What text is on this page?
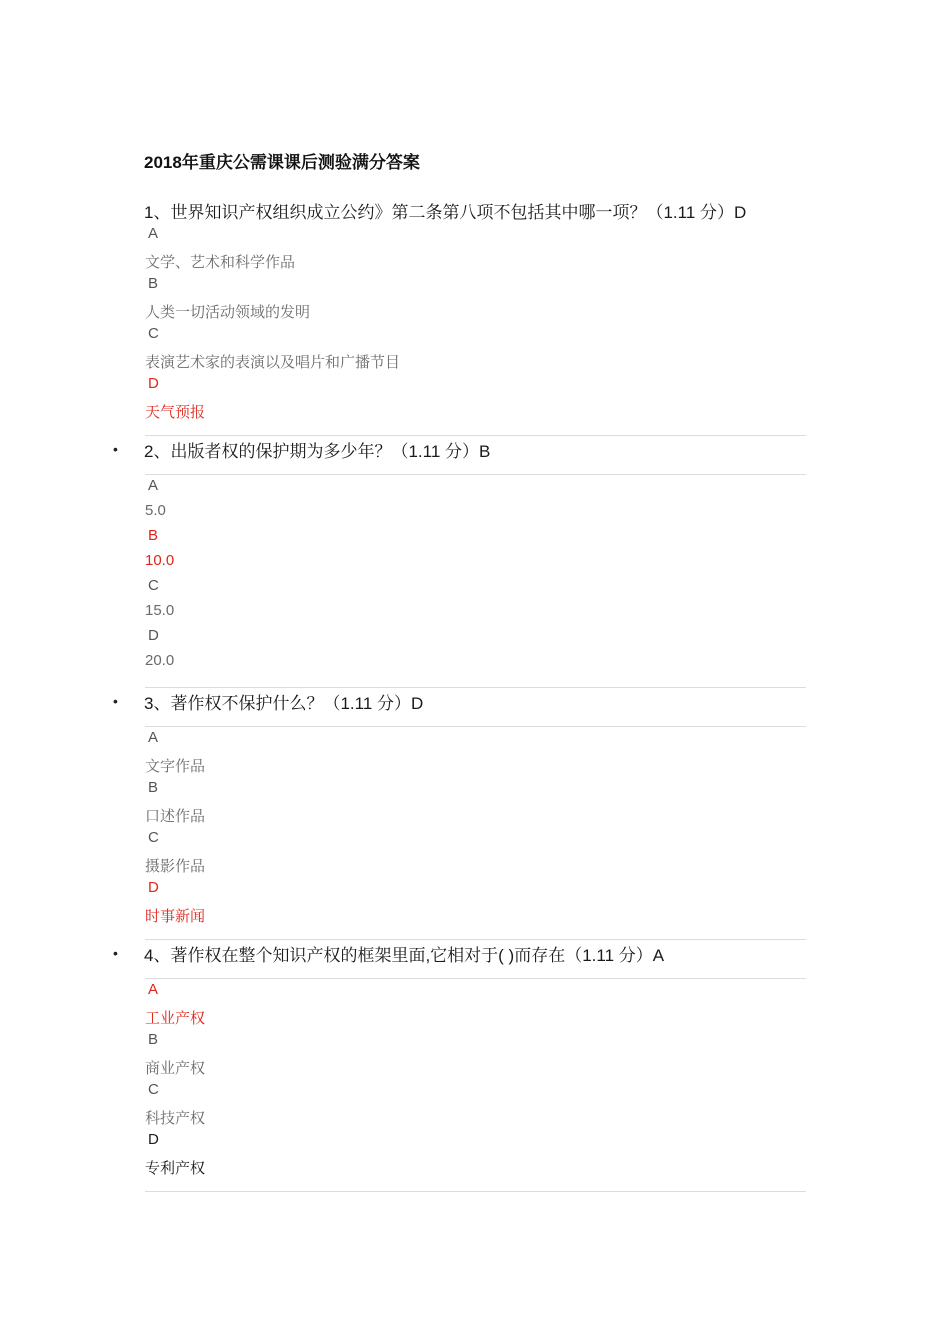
2018年重庆公需课课后测验满分答案
1、世界知识产权组织成立公约》第二条第八项不包括其中哪一项？（1.11 分）D
A
文学、艺术和科学作品
B
人类一切活动领域的发明
C
表演艺术家的表演以及唱片和广播节目
D
天气预报
• 2、出版者权的保护期为多少年？（1.11 分）B
A
5.0
B
10.0
C
15.0
D
20.0
• 3、著作权不保护什么？（1.11 分）D
A
文字作品
B
口述作品
C
摄影作品
D
时事新闻
• 4、著作权在整个知识产权的框架里面,它相对于( )而存在（1.11 分）A
A
工业产权
B
商业产权
C
科技产权
D
专利产权
